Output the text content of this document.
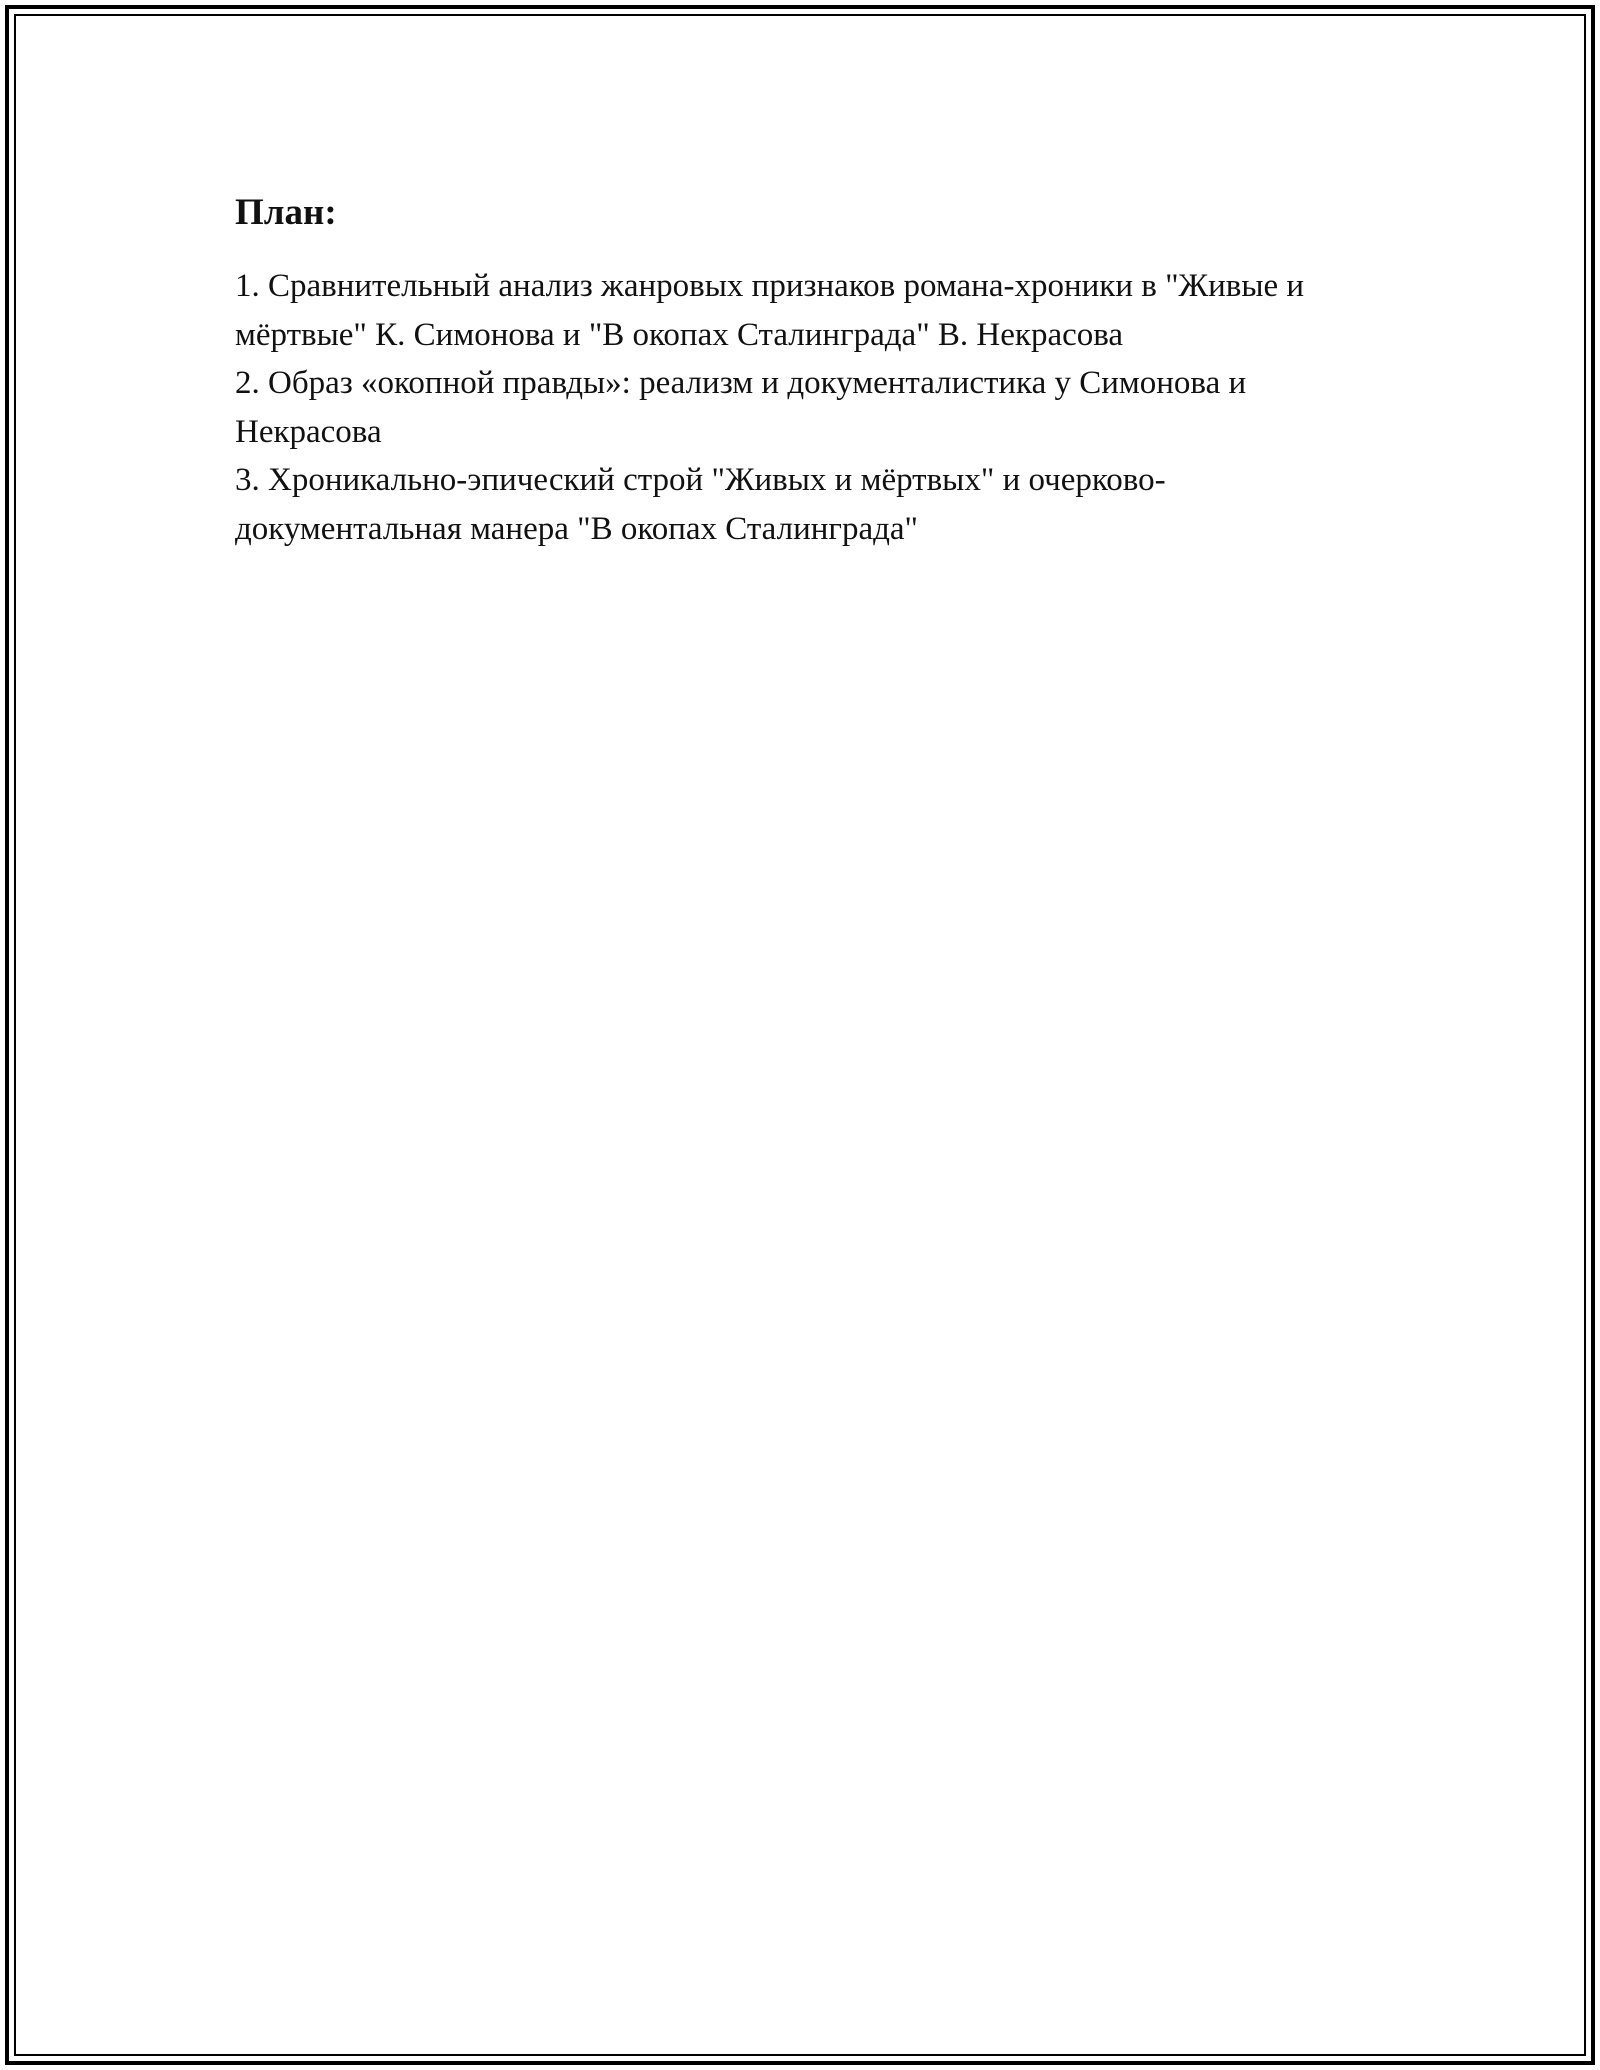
План:
1. Сравнительный анализ жанровых признаков романа-хроники в "Живые и мёртвые" К. Симонова и "В окопах Сталинграда" В. Некрасова
2. Образ «окопной правды»: реализм и документалистика у Симонова и Некрасова
3. Хроникально-эпический строй "Живых и мёртвых" и очерково-документальная манера "В окопах Сталинграда"
